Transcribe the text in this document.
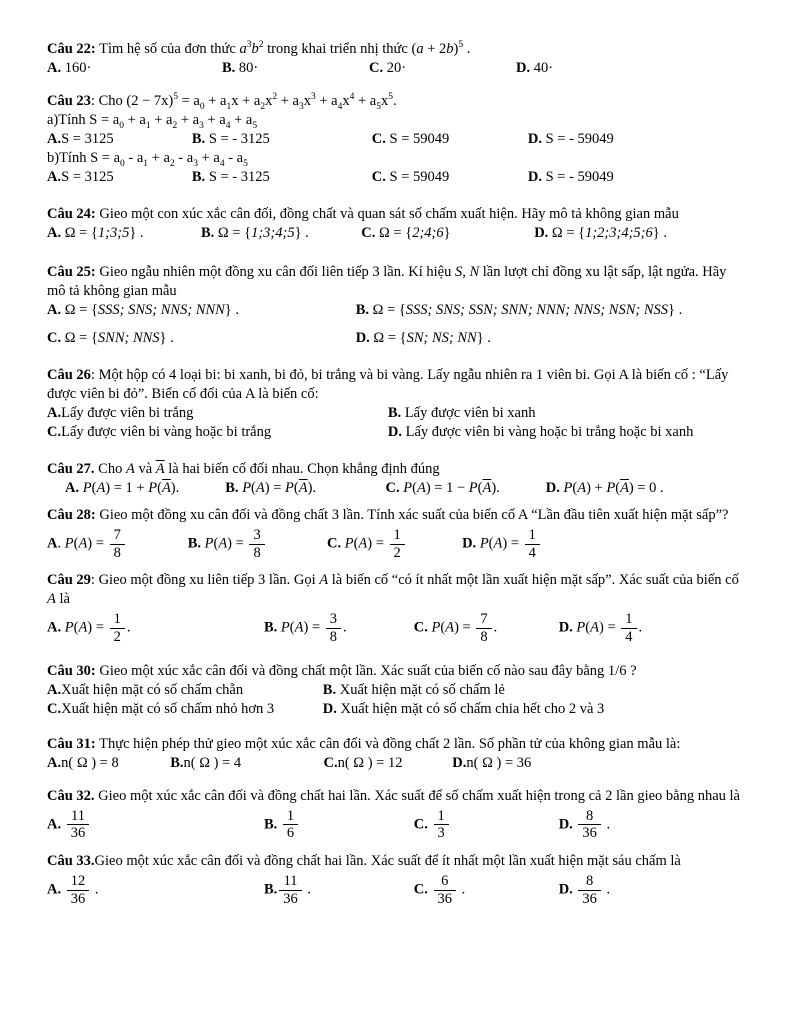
Câu 22: Tìm hệ số của đơn thức $a^3b^2$ trong khai triển nhị thức $(a + 2b)^5$ .

A. 160·	B. 80·	C. 20·	D. 40·

Câu 23: Cho $(2 - 7x)^5 = a_0 + a_1x + a_2x^2 + a_3x^3 + a_4x^4 + a_5x^5$.

a)Tính $S = a_0 + a_1 + a_2 + a_3 + a_4 + a_5$

A.S = 3125	B. S = - 3125	C. S = 59049	D. S = - 59049

b)Tính $S = a_0 - a_1 + a_2 - a_3 + a_4 - a_5$

A.S = 3125	B. S = - 3125	C. S = 59049	D. S = - 59049

Câu 24: Gieo một con xúc xắc cân đối, đồng chất và quan sát số chấm xuất hiện. Hãy mô tả không gian mẫu

A. Ω = {1;3;5} .	B. Ω = {1;3;4;5} .	C. Ω = {2;4;6}	D. Ω = {1;2;3;4;5;6} .

Câu 25: Gieo ngẫu nhiên một đồng xu cân đối liên tiếp 3 lần. Kí hiệu S, N lần lượt chỉ đồng xu lật sấp, lật ngửa. Hãy mô tả không gian mẫu

A. Ω = {SSS; SNS; NNS; NNN} .	B. Ω = {SSS; SNS; SSN; SNN; NNN; NNS; NSN; NSS} .
C. Ω = {SNN; NNS} .	D. Ω = {SN; NS; NN} .

Câu 26: Một hộp có 4 loại bi: bi xanh, bi đỏ, bi trắng và bi vàng. Lấy ngẫu nhiên ra 1 viên bi. Gọi A là biến cố : “Lấy được viên bi đỏ”. Biến cố đối của A là biến cố:

A.Lấy được viên bi trắng	B. Lấy được viên bi xanh
C.Lấy được viên bi vàng hoặc bi trắng	D. Lấy được viên bi vàng hoặc bi trắng hoặc bi xanh

Câu 27. Cho A và $\overline{A}$ là hai biến cố đối nhau. Chọn khẳng định đúng

A. $P(A) = 1 + P(\overline{A})$.	B. $P(A) = P(\overline{A})$.	C. $P(A) = 1 - P(\overline{A})$.	D. $P(A) + P(\overline{A}) = 0$ .

Câu 28: Gieo một đồng xu cân đối và đồng chất 3 lần. Tính xác suất của biến cố A “Lần đầu tiên xuất hiện mặt sấp”?

A. $P(A) = \frac{7}{8}$	B. $P(A) = \frac{3}{8}$	C. $P(A) = \frac{1}{2}$	D. $P(A) = \frac{1}{4}$

Câu 29: Gieo một đồng xu liên tiếp 3 lần. Gọi A là biến cố “có ít nhất một lần xuất hiện mặt sấp”. Xác suất của biến cố A là

A. $P(A) = \frac{1}{2}$ .	B. $P(A) = \frac{3}{8}$ .	C. $P(A) = \frac{7}{8}$ .	D. $P(A) = \frac{1}{4}$ .

Câu 30: Gieo một xúc xắc cân đối và đồng chất một lần. Xác suất của biến cố nào sau đây bằng 1/6 ?

A.Xuất hiện mặt có số chấm chẵn	B. Xuất hiện mặt có số chấm lẻ
C.Xuất hiện mặt có số chấm nhỏ hơn 3	D. Xuất hiện mặt có số chấm chia hết cho 2 và 3

Câu 31: Thực hiện phép thử gieo một xúc xắc cân đối và đồng chất 2 lần. Số phần tử của không gian mẫu là:

A.n( Ω ) = 8	B.n( Ω ) = 4	C.n( Ω ) = 12	D.n( Ω ) = 36

Câu 32. Gieo một xúc xắc cân đối và đồng chất hai lần. Xác suất để số chấm xuất hiện trong cả 2 lần gieo bằng nhau là

A. $\frac{11}{36}$	B. $\frac{1}{6}$	C. $\frac{1}{3}$	D. $\frac{8}{36}$ .

Câu 33.Gieo một xúc xắc cân đối và đồng chất hai lần. Xác suất để ít nhất một lần xuất hiện mặt sáu chấm là

A. $\frac{12}{36}$ .	B. $\frac{11}{36}$ .	C. $\frac{6}{36}$ .	D. $\frac{8}{36}$ .
